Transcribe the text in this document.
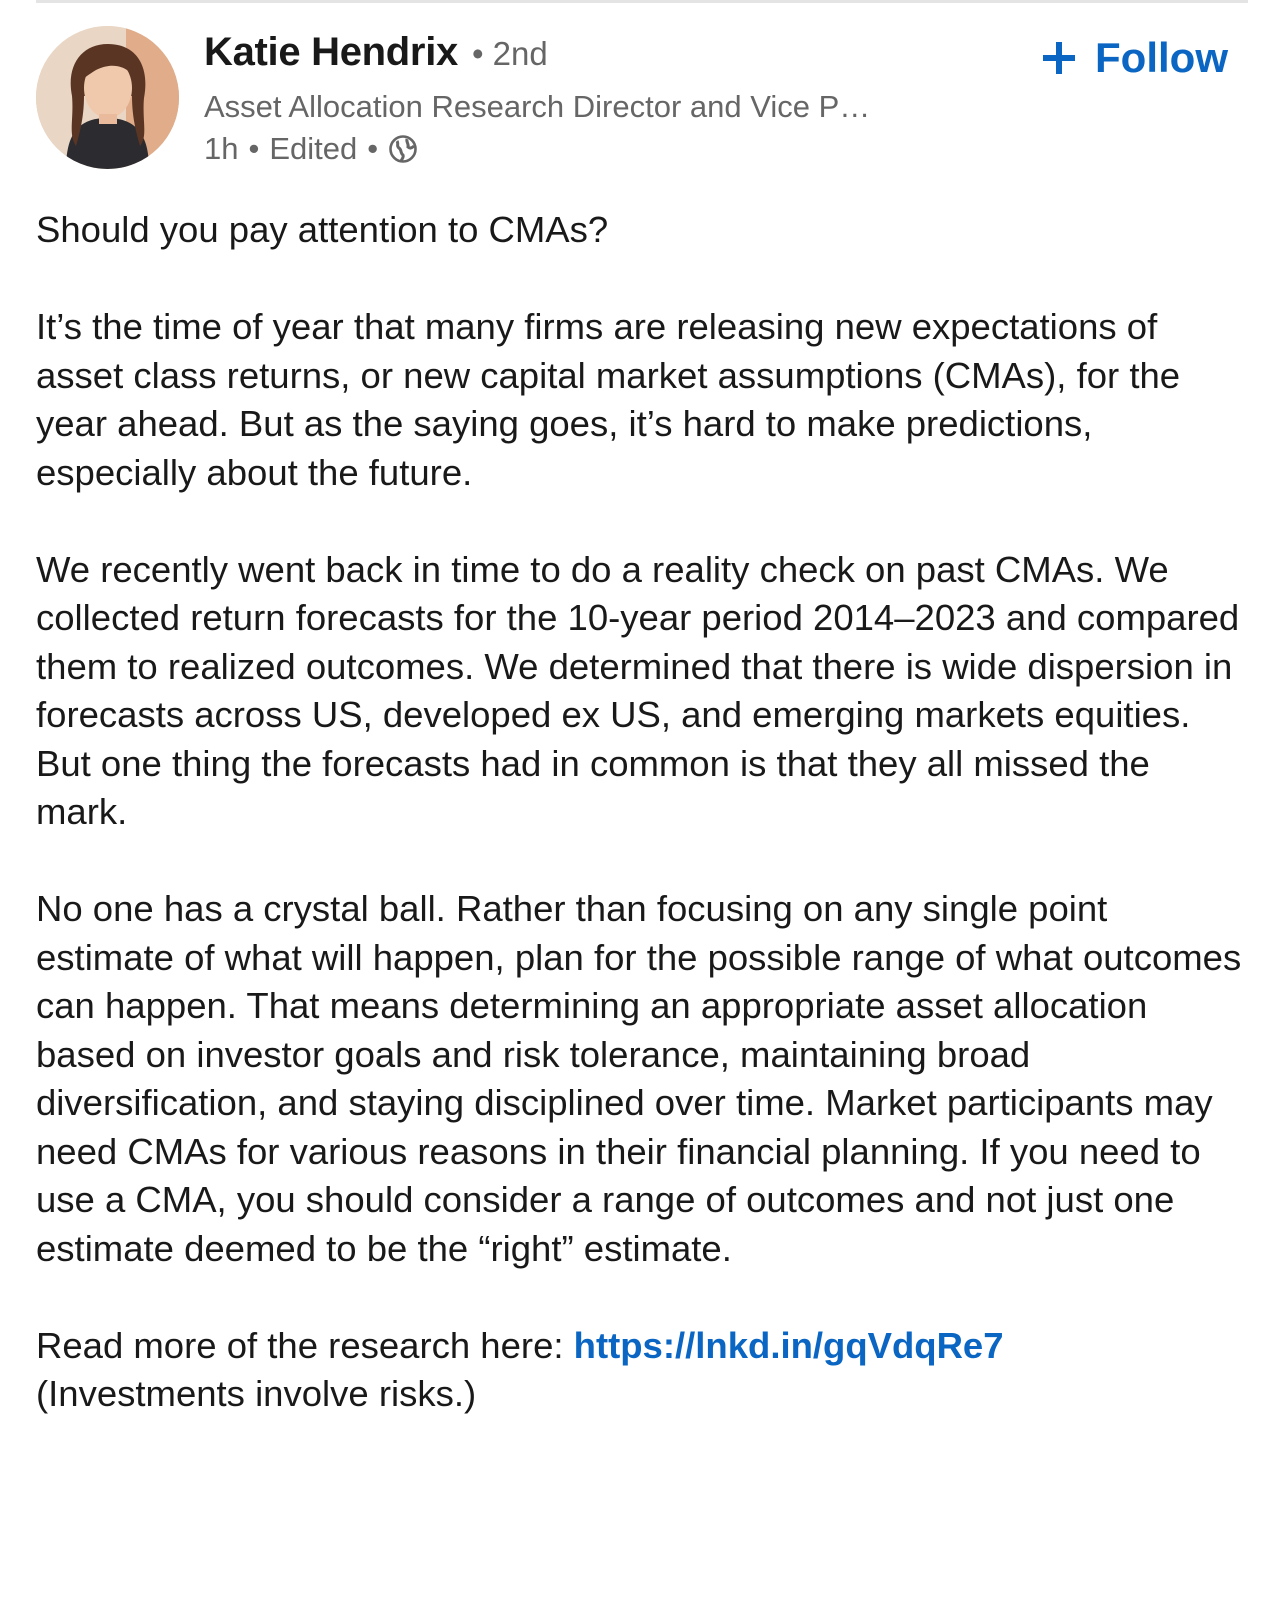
Katie Hendrix • 2nd
Asset Allocation Research Director and Vice P…
1h • Edited •
Follow

Should you pay attention to CMAs?

It’s the time of year that many firms are releasing new expectations of asset class returns, or new capital market assumptions (CMAs), for the year ahead. But as the saying goes, it’s hard to make predictions, especially about the future.

We recently went back in time to do a reality check on past CMAs. We collected return forecasts for the 10-year period 2014–2023 and compared them to realized outcomes. We determined that there is wide dispersion in forecasts across US, developed ex US, and emerging markets equities. But one thing the forecasts had in common is that they all missed the mark.

No one has a crystal ball. Rather than focusing on any single point estimate of what will happen, plan for the possible range of what outcomes can happen. That means determining an appropriate asset allocation based on investor goals and risk tolerance, maintaining broad diversification, and staying disciplined over time. Market participants may need CMAs for various reasons in their financial planning. If you need to use a CMA, you should consider a range of outcomes and not just one estimate deemed to be the “right” estimate.

Read more of the research here: https://lnkd.in/gqVdqRe7
(Investments involve risks.)
